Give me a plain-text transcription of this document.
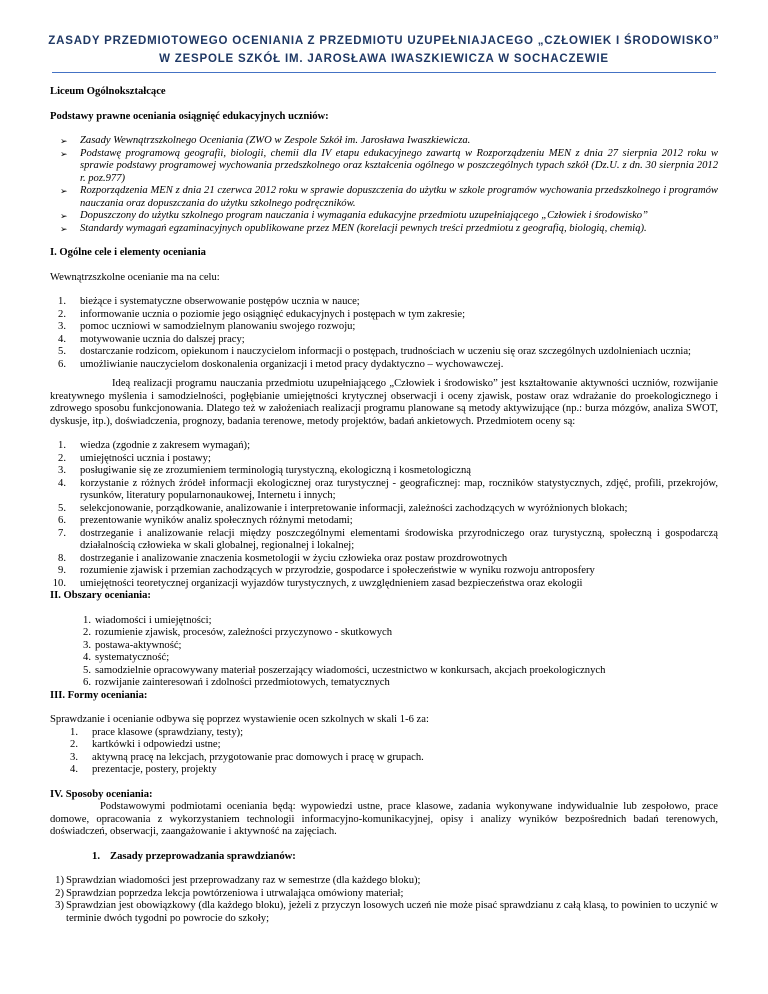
ZASADY PRZEDMIOTOWEGO OCENIANIA Z PRZEDMIOTU UZUPEŁNIAJACEGO „CZŁOWIEK I ŚRODOWISKO”
W ZESPOLE SZKÓŁ IM. JAROSŁAWA IWASZKIEWICZA W SOCHACZEWIE

Liceum Ogólnokształcące

Podstawy prawne oceniania osiągnięć edukacyjnych uczniów:

➢ Zasady Wewnątrzszkolnego Oceniania (ZWO w Zespole Szkół im. Jarosława Iwaszkiewicza.
➢ Podstawę programową geografii, biologii, chemii dla IV etapu edukacyjnego zawartą w Rozporządzeniu MEN z dnia 27 sierpnia 2012 roku w sprawie podstawy programowej wychowania przedszkolnego oraz kształcenia ogólnego w poszczególnych typach szkół (Dz.U. z dn. 30 sierpnia 2012 r. poz.977)
➢ Rozporządzenia MEN z dnia 21 czerwca 2012 roku w sprawie dopuszczenia do użytku w szkole programów wychowania przedszkolnego i programów nauczania oraz dopuszczania do użytku szkolnego podręczników.
➢ Dopuszczony do użytku szkolnego program nauczania i wymagania edukacyjne przedmiotu uzupełniającego „Człowiek i środowisko”
➢ Standardy wymagań egzaminacyjnych opublikowane przez MEN (korelacji pewnych treści przedmiotu z geografią, biologią, chemią).

I. Ogólne cele i elementy oceniania

Wewnątrzszkolne ocenianie ma na celu:

1. bieżące i systematyczne obserwowanie postępów ucznia w nauce;
2. informowanie ucznia o poziomie jego osiągnięć edukacyjnych i postępach w tym zakresie;
3. pomoc uczniowi w samodzielnym planowaniu swojego rozwoju;
4. motywowanie ucznia do dalszej pracy;
5. dostarczanie rodzicom, opiekunom i nauczycielom informacji o postępach, trudnościach w uczeniu się oraz szczególnych uzdolnieniach ucznia;
6. umożliwianie nauczycielom doskonalenia organizacji i metod pracy dydaktyczno – wychowawczej.

Ideą realizacji programu nauczania przedmiotu uzupełniającego „Człowiek i środowisko” jest kształtowanie aktywności uczniów, rozwijanie kreatywnego myślenia i samodzielności, pogłębianie umiejętności krytycznej obserwacji i oceny zjawisk, postaw oraz wdrażanie do proekologicznego i zdrowego sposobu funkcjonowania. Dlatego też w założeniach realizacji programu planowane są metody aktywizujące (np.: burza mózgów, analiza SWOT, dyskusje, itp.), doświadczenia, prognozy, badania terenowe, metody projektów, badań ankietowych. Przedmiotem oceny są:

1. wiedza (zgodnie z zakresem wymagań);
2. umiejętności ucznia i postawy;
3. posługiwanie się ze zrozumieniem terminologią turystyczną, ekologiczną i kosmetologiczną
4. korzystanie z różnych źródeł informacji ekologicznej oraz turystycznej - geograficznej: map, roczników statystycznych, zdjęć, profili, przekrojów, rysunków, literatury popularnonaukowej, Internetu i innych;
5. selekcjonowanie, porządkowanie, analizowanie i interpretowanie informacji, zależności zachodzących w wyróżnionych blokach;
6. prezentowanie wyników analiz społecznych różnymi metodami;
7. dostrzeganie i analizowanie relacji między poszczególnymi elementami środowiska przyrodniczego oraz turystyczną, społeczną i gospodarczą działalnością człowieka w skali globalnej, regionalnej i lokalnej;
8. dostrzeganie i analizowanie znaczenia kosmetologii w życiu człowieka oraz postaw prozdrowotnych
9. rozumienie zjawisk i przemian zachodzących w przyrodzie, gospodarce i społeczeństwie w wyniku rozwoju antroposfery
10. umiejętności teoretycznej organizacji wyjazdów turystycznych, z uwzględnieniem zasad bezpieczeństwa oraz ekologii

II. Obszary oceniania:

1. wiadomości i umiejętności;
2. rozumienie zjawisk, procesów, zależności przyczynowo - skutkowych
3. postawa-aktywność;
4. systematyczność;
5. samodzielnie opracowywany materiał poszerzający wiadomości, uczestnictwo w konkursach, akcjach proekologicznych
6. rozwijanie zainteresowań i zdolności przedmiotowych, tematycznych

III. Formy oceniania:

Sprawdzanie i ocenianie odbywa się poprzez wystawienie ocen szkolnych w skali 1-6 za:

1. prace klasowe (sprawdziany, testy);
2. kartkówki i odpowiedzi ustne;
3. aktywną pracę na lekcjach, przygotowanie prac domowych i pracę w grupach.
4. prezentacje, postery, projekty

IV. Sposoby oceniania:

Podstawowymi podmiotami oceniania będą: wypowiedzi ustne, prace klasowe, zadania wykonywane indywidualnie lub zespołowo, prace domowe, opracowania z wykorzystaniem technologii informacyjno-komunikacyjnej, opisy i analizy wyników bezpośrednich badań terenowych, doświadczeń, obserwacji, zaangażowanie i aktywność na zajęciach.

1. Zasady przeprowadzania sprawdzianów:
1) Sprawdzian wiadomości jest przeprowadzany raz w semestrze (dla każdego bloku);
2) Sprawdzian poprzedza lekcja powtórzeniowa i utrwalająca omówiony materiał;
3) Sprawdzian jest obowiązkowy (dla każdego bloku), jeżeli z przyczyn losowych uczeń nie może pisać sprawdzianu z całą klasą, to powinien to uczynić w terminie dwóch tygodni po powrocie do szkoły;
